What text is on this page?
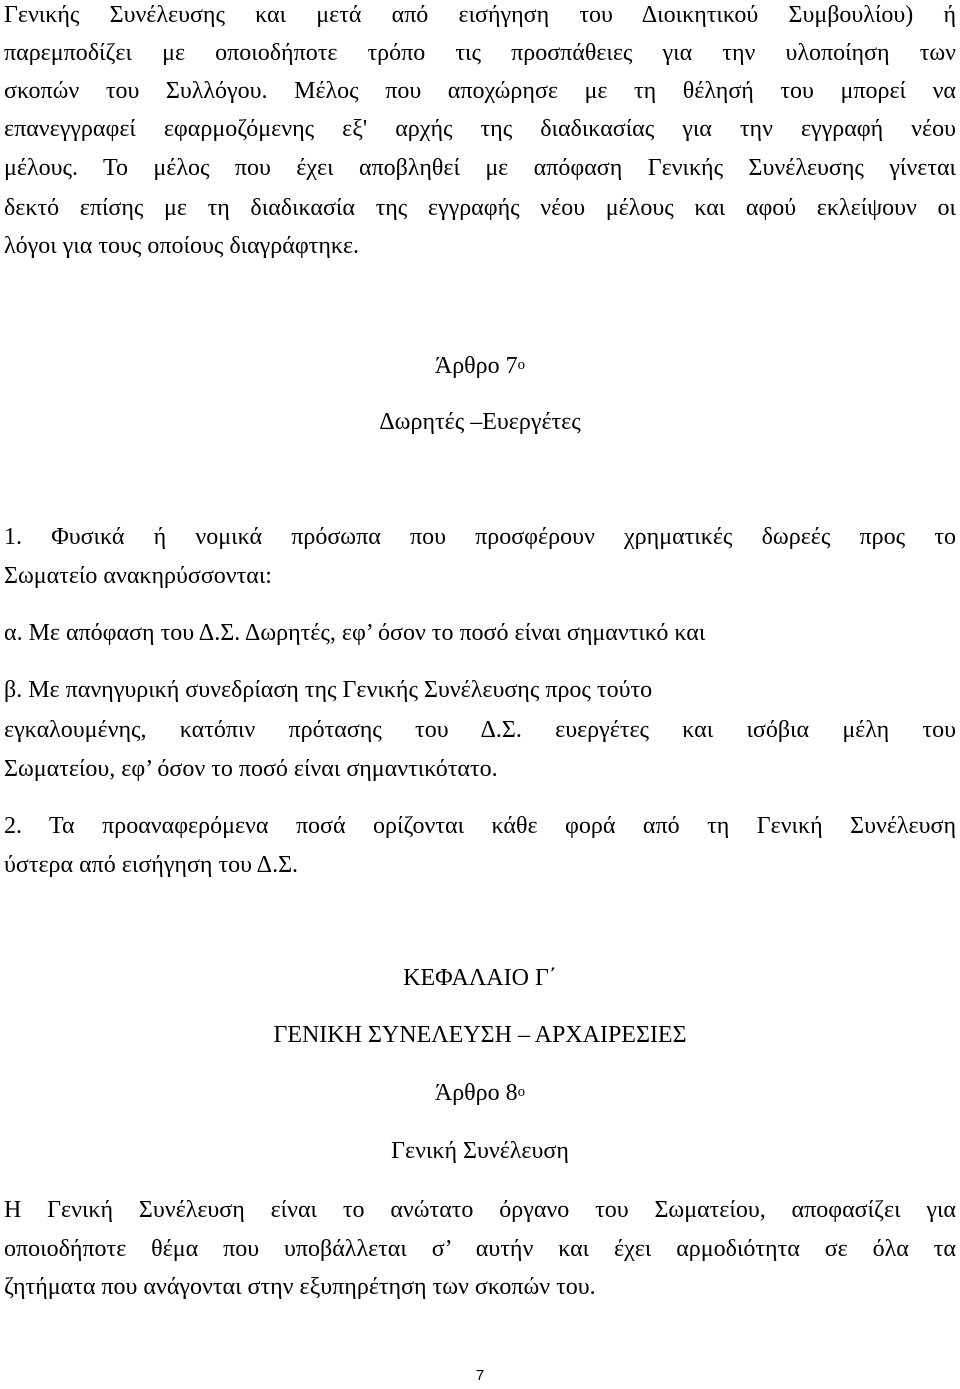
Γενικής Συνέλευσης και μετά από εισήγηση του Διοικητικού Συμβουλίου) ή
παρεμποδίζει με οποιοδήποτε τρόπο τις προσπάθειες για την υλοποίηση των
σκοπών του Συλλόγου. Μέλος που αποχώρησε με τη θέλησή του μπορεί να
επανεγγραφεί εφαρμοζόμενης εξ' αρχής της διαδικασίας για την εγγραφή νέου
μέλους. Το μέλος που έχει αποβληθεί με απόφαση Γενικής Συνέλευσης γίνεται
δεκτό επίσης με τη διαδικασία της εγγραφής νέου μέλους και αφού εκλείψουν οι
λόγοι για τους οποίους διαγράφτηκε.
Άρθρο $7^o$
Δωρητές –Ευεργέτες
1. Φυσικά ή νομικά πρόσωπα που προσφέρουν χρηματικές δωρεές προς το
Σωματείο ανακηρύσσονται:
α. Με απόφαση του Δ.Σ. Δωρητές, εφ’ όσον το ποσό είναι σημαντικό και
β. Με πανηγυρική συνεδρίαση της Γενικής Συνέλευσης προς τούτο
εγκαλουμένης, κατόπιν πρότασης του Δ.Σ. ευεργέτες και ισόβια μέλη του
Σωματείου, εφ’ όσον το ποσό είναι σημαντικότατο.
2. Τα προαναφερόμενα ποσά ορίζονται κάθε φορά από τη Γενική Συνέλευση
ύστερα από εισήγηση του Δ.Σ.
ΚΕΦΑΛΑΙΟ Γ΄
ΓΕΝΙΚΗ ΣΥΝΕΛΕΥΣΗ – ΑΡΧΑΙΡΕΣΙΕΣ
Άρθρο $8^o$
Γενική Συνέλευση
Η Γενική Συνέλευση είναι το ανώτατο όργανο του Σωματείου, αποφασίζει για
οποιοδήποτε θέμα που υποβάλλεται σ’ αυτήν και έχει αρμοδιότητα σε όλα τα
ζητήματα που ανάγονται στην εξυπηρέτηση των σκοπών του.
7
